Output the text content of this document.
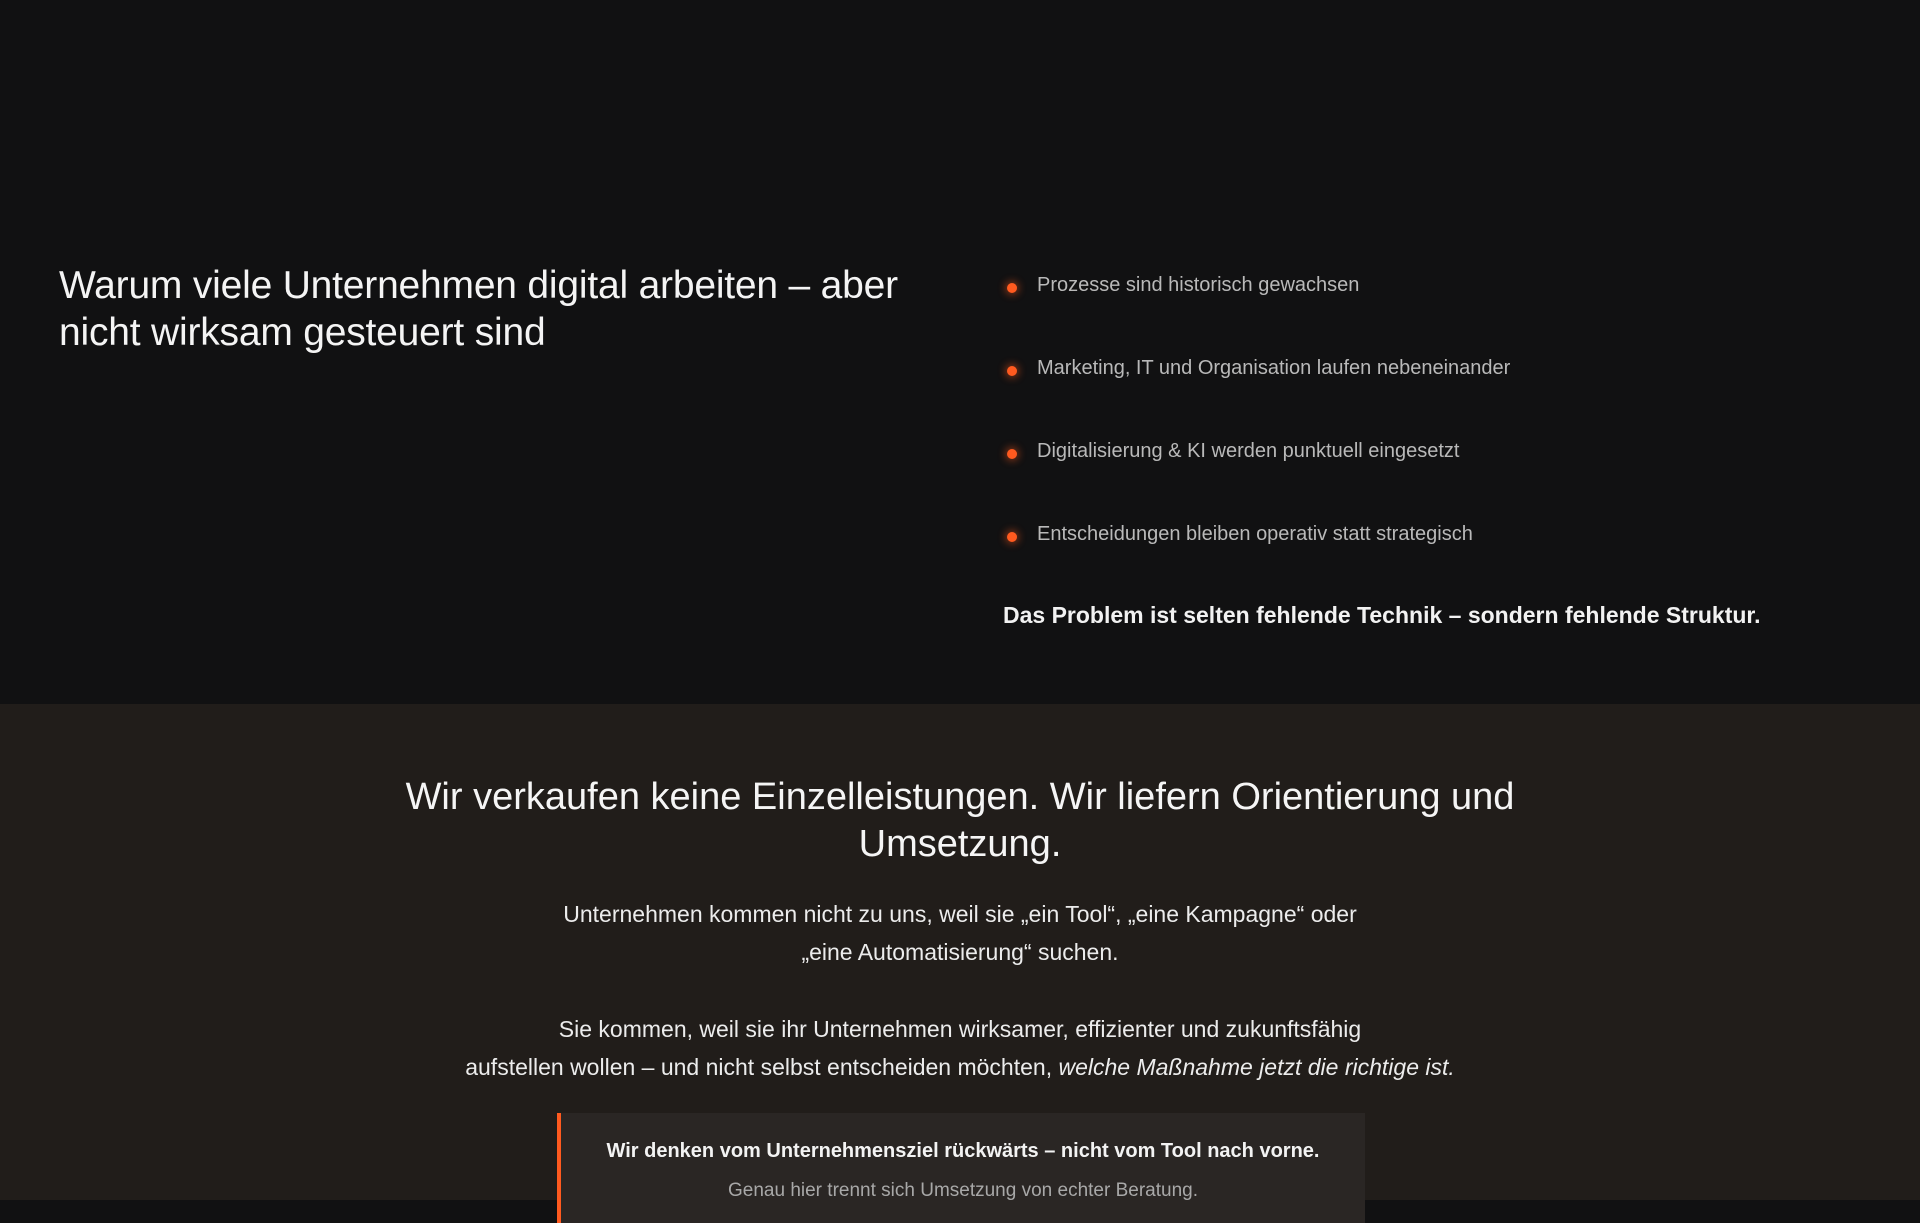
Warum viele Unternehmen digital arbeiten – aber nicht wirksam gesteuert sind
Prozesse sind historisch gewachsen
Marketing, IT und Organisation laufen nebeneinander
Digitalisierung & KI werden punktuell eingesetzt
Entscheidungen bleiben operativ statt strategisch

Das Problem ist selten fehlende Technik – sondern fehlende Struktur.

Wir verkaufen keine Einzelleistungen. Wir liefern Orientierung und Umsetzung.

Unternehmen kommen nicht zu uns, weil sie „ein Tool“, „eine Kampagne“ oder
„eine Automatisierung“ suchen.

Sie kommen, weil sie ihr Unternehmen wirksamer, effizienter und zukunftsfähig
aufstellen wollen – und nicht selbst entscheiden möchten, welche Maßnahme jetzt die richtige ist.

Wir denken vom Unternehmensziel rückwärts – nicht vom Tool nach vorne.

Genau hier trennt sich Umsetzung von echter Beratung.
